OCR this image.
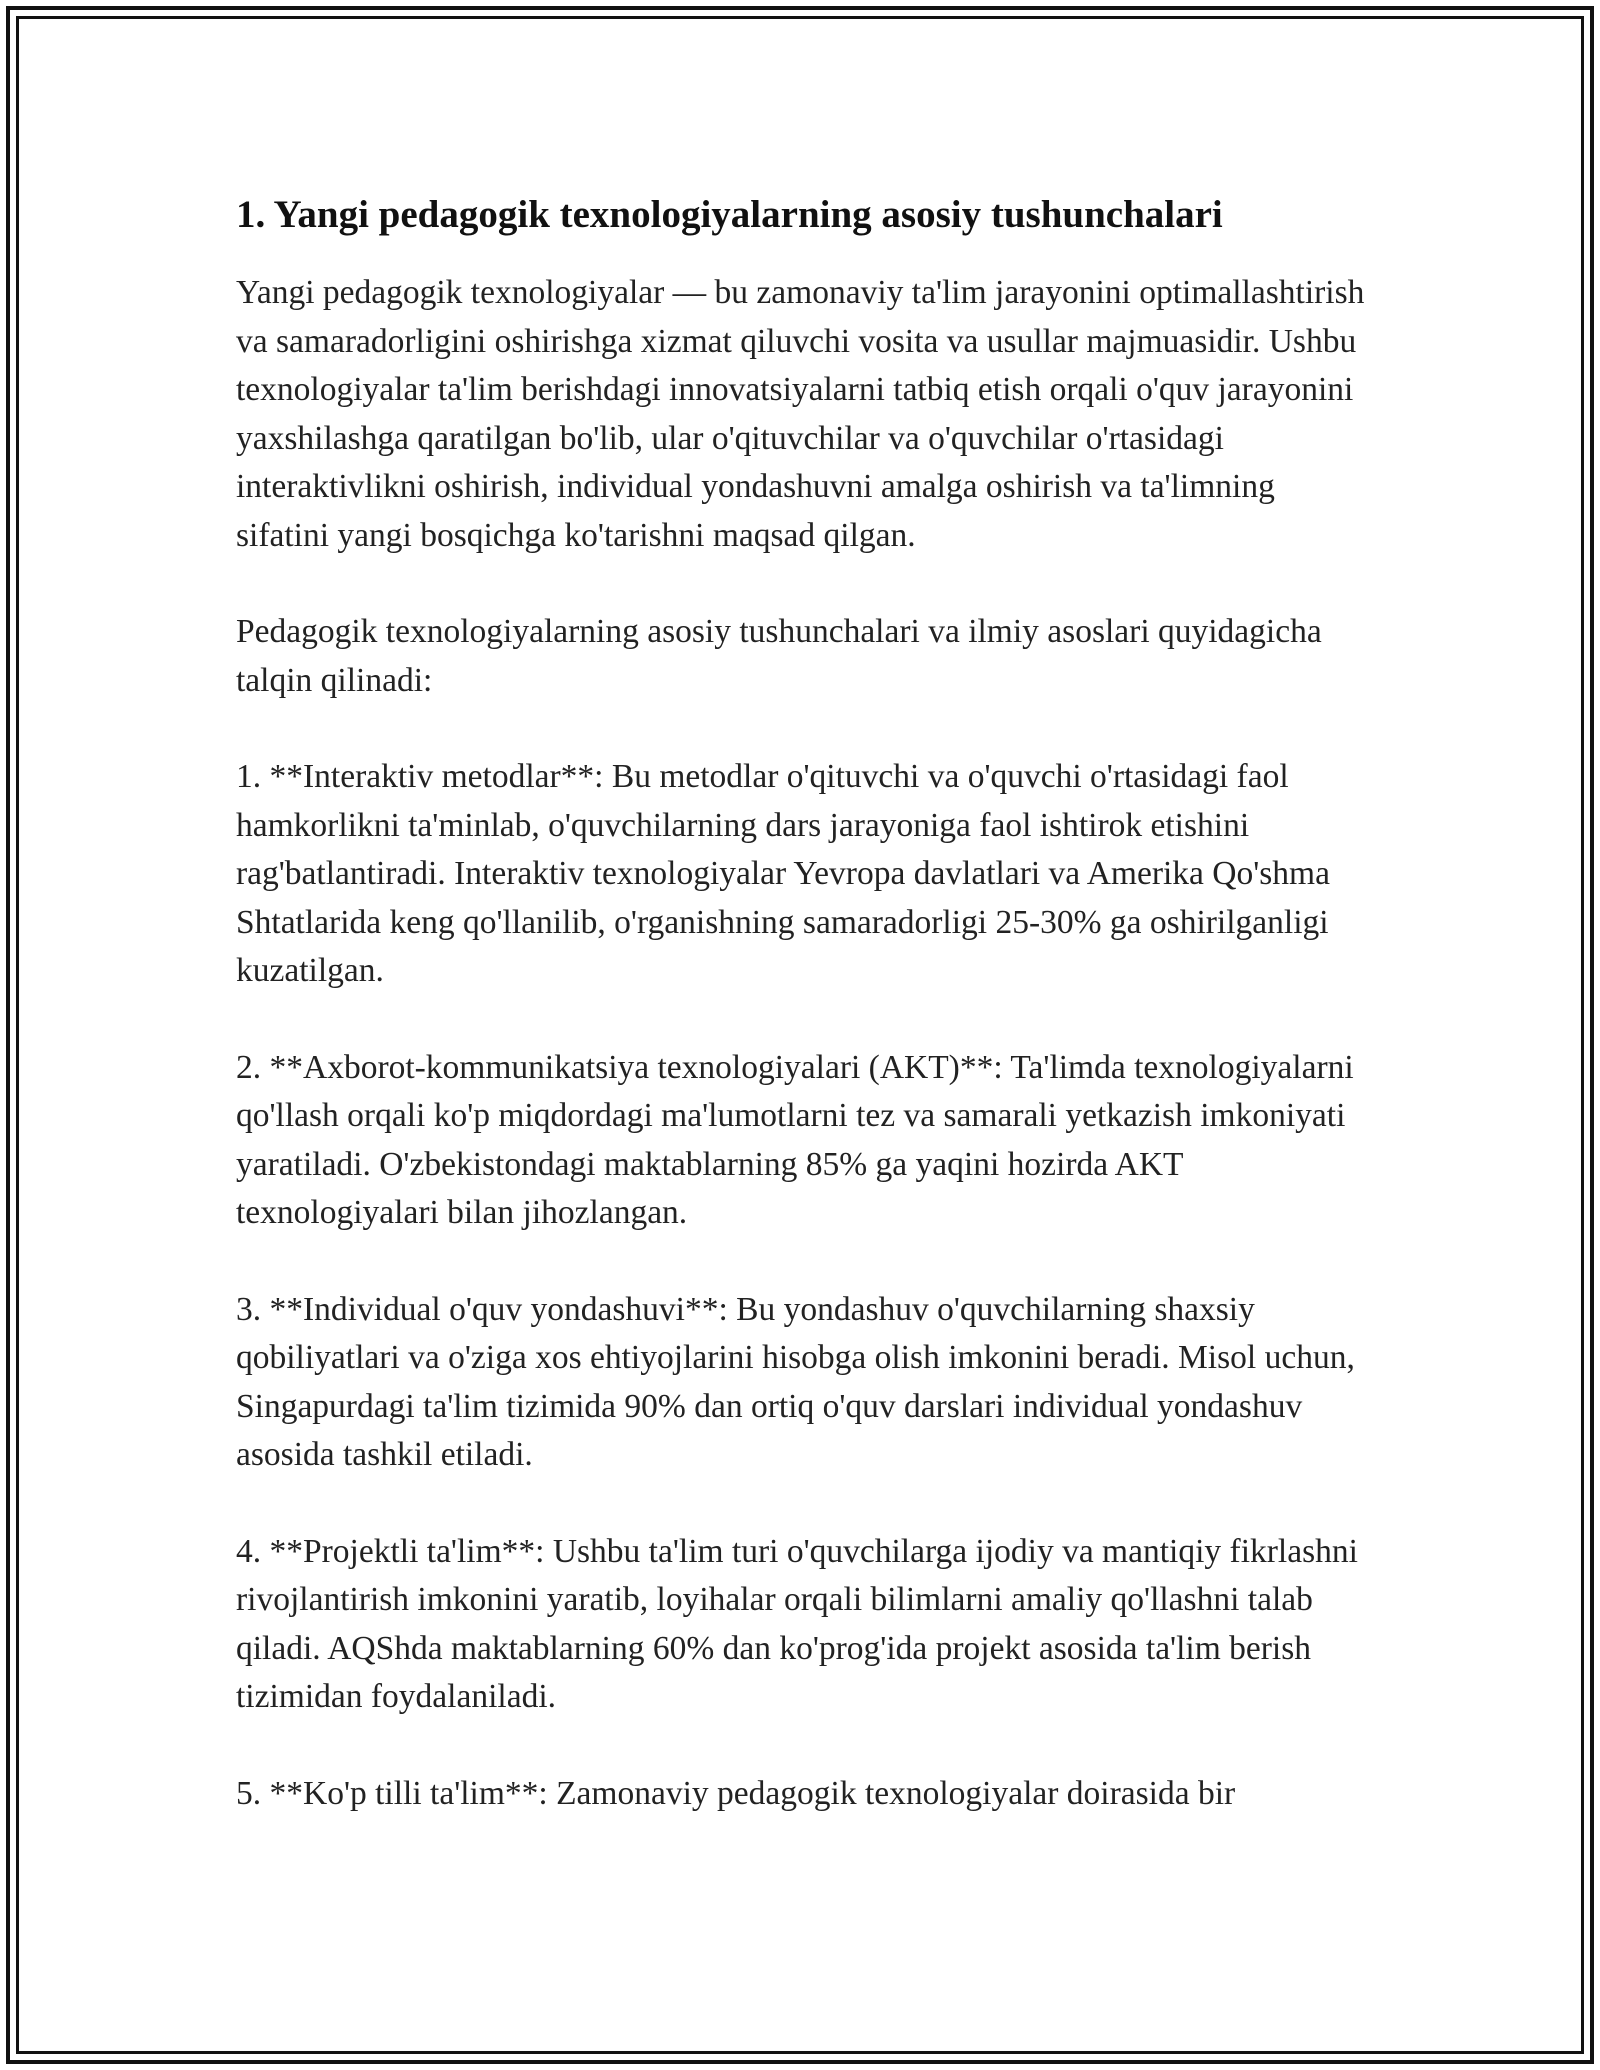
1. Yangi pedagogik texnologiyalarning asosiy tushunchalari

Yangi pedagogik texnologiyalar — bu zamonaviy ta'lim jarayonini optimallashtirish va samaradorligini oshirishga xizmat qiluvchi vosita va usullar majmuasidir. Ushbu texnologiyalar ta'lim berishdagi innovatsiyalarni tatbiq etish orqali o'quv jarayonini yaxshilashga qaratilgan bo'lib, ular o'qituvchilar va o'quvchilar o'rtasidagi interaktivlikni oshirish, individual yondashuvni amalga oshirish va ta'limning sifatini yangi bosqichga ko'tarishni maqsad qilgan.

Pedagogik texnologiyalarning asosiy tushunchalari va ilmiy asoslari quyidagicha talqin qilinadi:

1. **Interaktiv metodlar**: Bu metodlar o'qituvchi va o'quvchi o'rtasidagi faol hamkorlikni ta'minlab, o'quvchilarning dars jarayoniga faol ishtirok etishini rag'batlantiradi. Interaktiv texnologiyalar Yevropa davlatlari va Amerika Qo'shma Shtatlarida keng qo'llanilib, o'rganishning samaradorligi 25-30% ga oshirilganligi kuzatilgan.

2. **Axborot-kommunikatsiya texnologiyalari (AKT)**: Ta'limda texnologiyalarni qo'llash orqali ko'p miqdordagi ma'lumotlarni tez va samarali yetkazish imkoniyati yaratiladi. O'zbekistondagi maktablarning 85% ga yaqini hozirda AKT texnologiyalari bilan jihozlangan.

3. **Individual o'quv yondashuvi**: Bu yondashuv o'quvchilarning shaxsiy qobiliyatlari va o'ziga xos ehtiyojlarini hisobga olish imkonini beradi. Misol uchun, Singapurdagi ta'lim tizimida 90% dan ortiq o'quv darslari individual yondashuv asosida tashkil etiladi.

4. **Projektli ta'lim**: Ushbu ta'lim turi o'quvchilarga ijodiy va mantiqiy fikrlashni rivojlantirish imkonini yaratib, loyihalar orqali bilimlarni amaliy qo'llashni talab qiladi. AQShda maktablarning 60% dan ko'prog'ida projekt asosida ta'lim berish tizimidan foydalaniladi.

5. **Ko'p tilli ta'lim**: Zamonaviy pedagogik texnologiyalar doirasida bir
